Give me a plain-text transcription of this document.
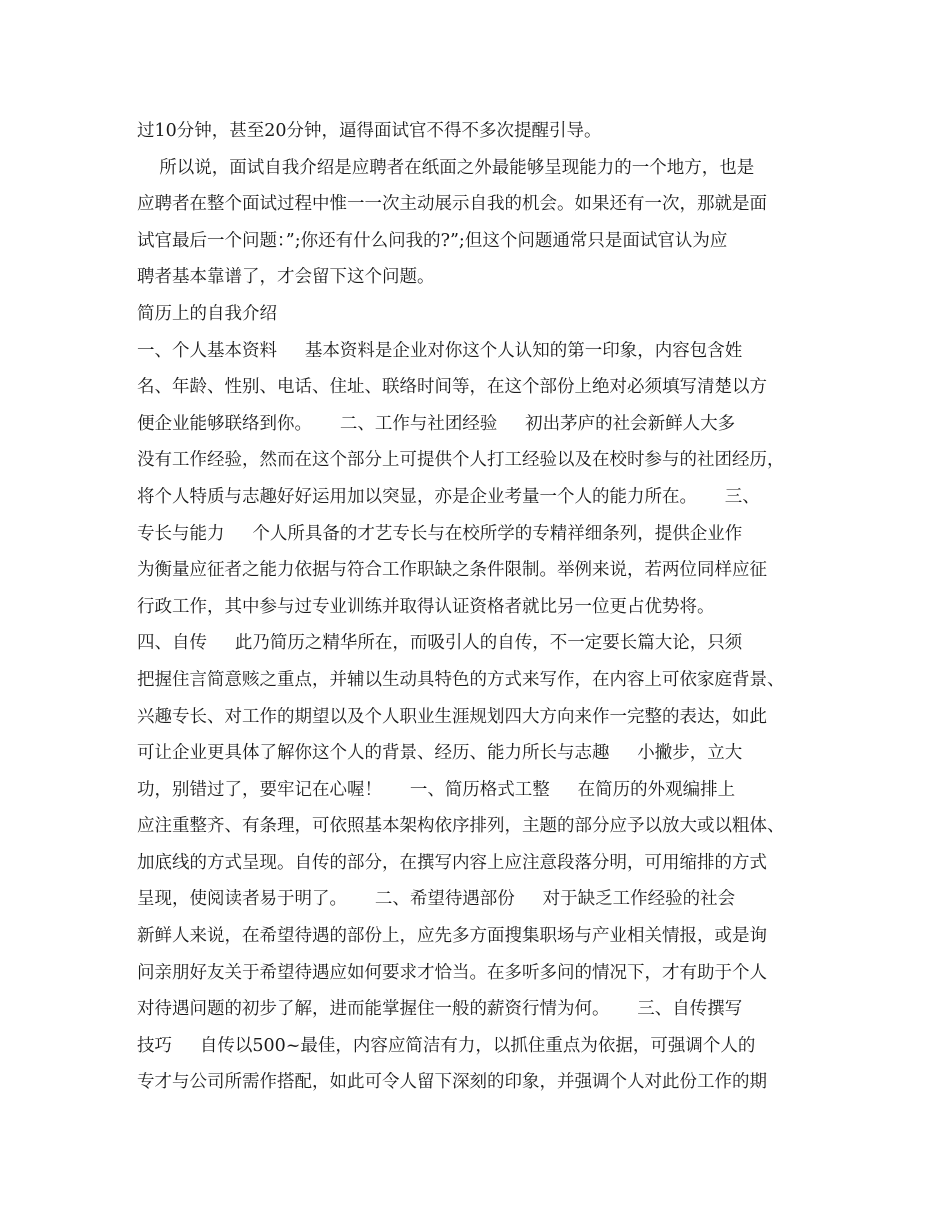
过10分钟，甚至20分钟，逼得面试官不得不多次提醒引导。
所以说，面试自我介绍是应聘者在纸面之外最能够呈现能力的一个地方，也是
应聘者在整个面试过程中惟一一次主动展示自我的机会。如果还有一次，那就是面
试官最后一个问题：”;你还有什么问我的?”;但这个问题通常只是面试官认为应
聘者基本靠谱了，才会留下这个问题。
简历上的自我介绍
一、个人基本资料     基本资料是企业对你这个人认知的第一印象，内容包含姓
名、年龄、性别、电话、住址、联络时间等，在这个部份上绝对必须填写清楚以方
便企业能够联络到你。     二、工作与社团经验     初出茅庐的社会新鲜人大多
没有工作经验，然而在这个部分上可提供个人打工经验以及在校时参与的社团经历，
将个人特质与志趣好好运用加以突显，亦是企业考量一个人的能力所在。     三、
专长与能力     个人所具备的才艺专长与在校所学的专精祥细条列，提供企业作
为衡量应征者之能力依据与符合工作职缺之条件限制。举例来说，若两位同样应征
行政工作，其中参与过专业训练并取得认证资格者就比另一位更占优势将。
四、自传     此乃简历之精华所在，而吸引人的自传，不一定要长篇大论，只须
把握住言简意赅之重点，并辅以生动具特色的方式来写作，在内容上可依家庭背景、
兴趣专长、对工作的期望以及个人职业生涯规划四大方向来作一完整的表达，如此
可让企业更具体了解你这个人的背景、经历、能力所长与志趣     小撇步，立大
功，别错过了，要牢记在心喔！     一、简历格式工整     在简历的外观编排上
应注重整齐、有条理，可依照基本架构依序排列，主题的部分应予以放大或以粗体、
加底线的方式呈现。自传的部分，在撰写内容上应注意段落分明，可用缩排的方式
呈现，使阅读者易于明了。     二、希望待遇部份     对于缺乏工作经验的社会
新鲜人来说，在希望待遇的部份上，应先多方面搜集职场与产业相关情报，或是询
问亲朋好友关于希望待遇应如何要求才恰当。在多听多问的情况下，才有助于个人
对待遇问题的初步了解，进而能掌握住一般的薪资行情为何。     三、自传撰写
技巧     自传以500~最佳，内容应简洁有力，以抓住重点为依据，可强调个人的
专才与公司所需作搭配，如此可令人留下深刻的印象，并强调个人对此份工作的期
